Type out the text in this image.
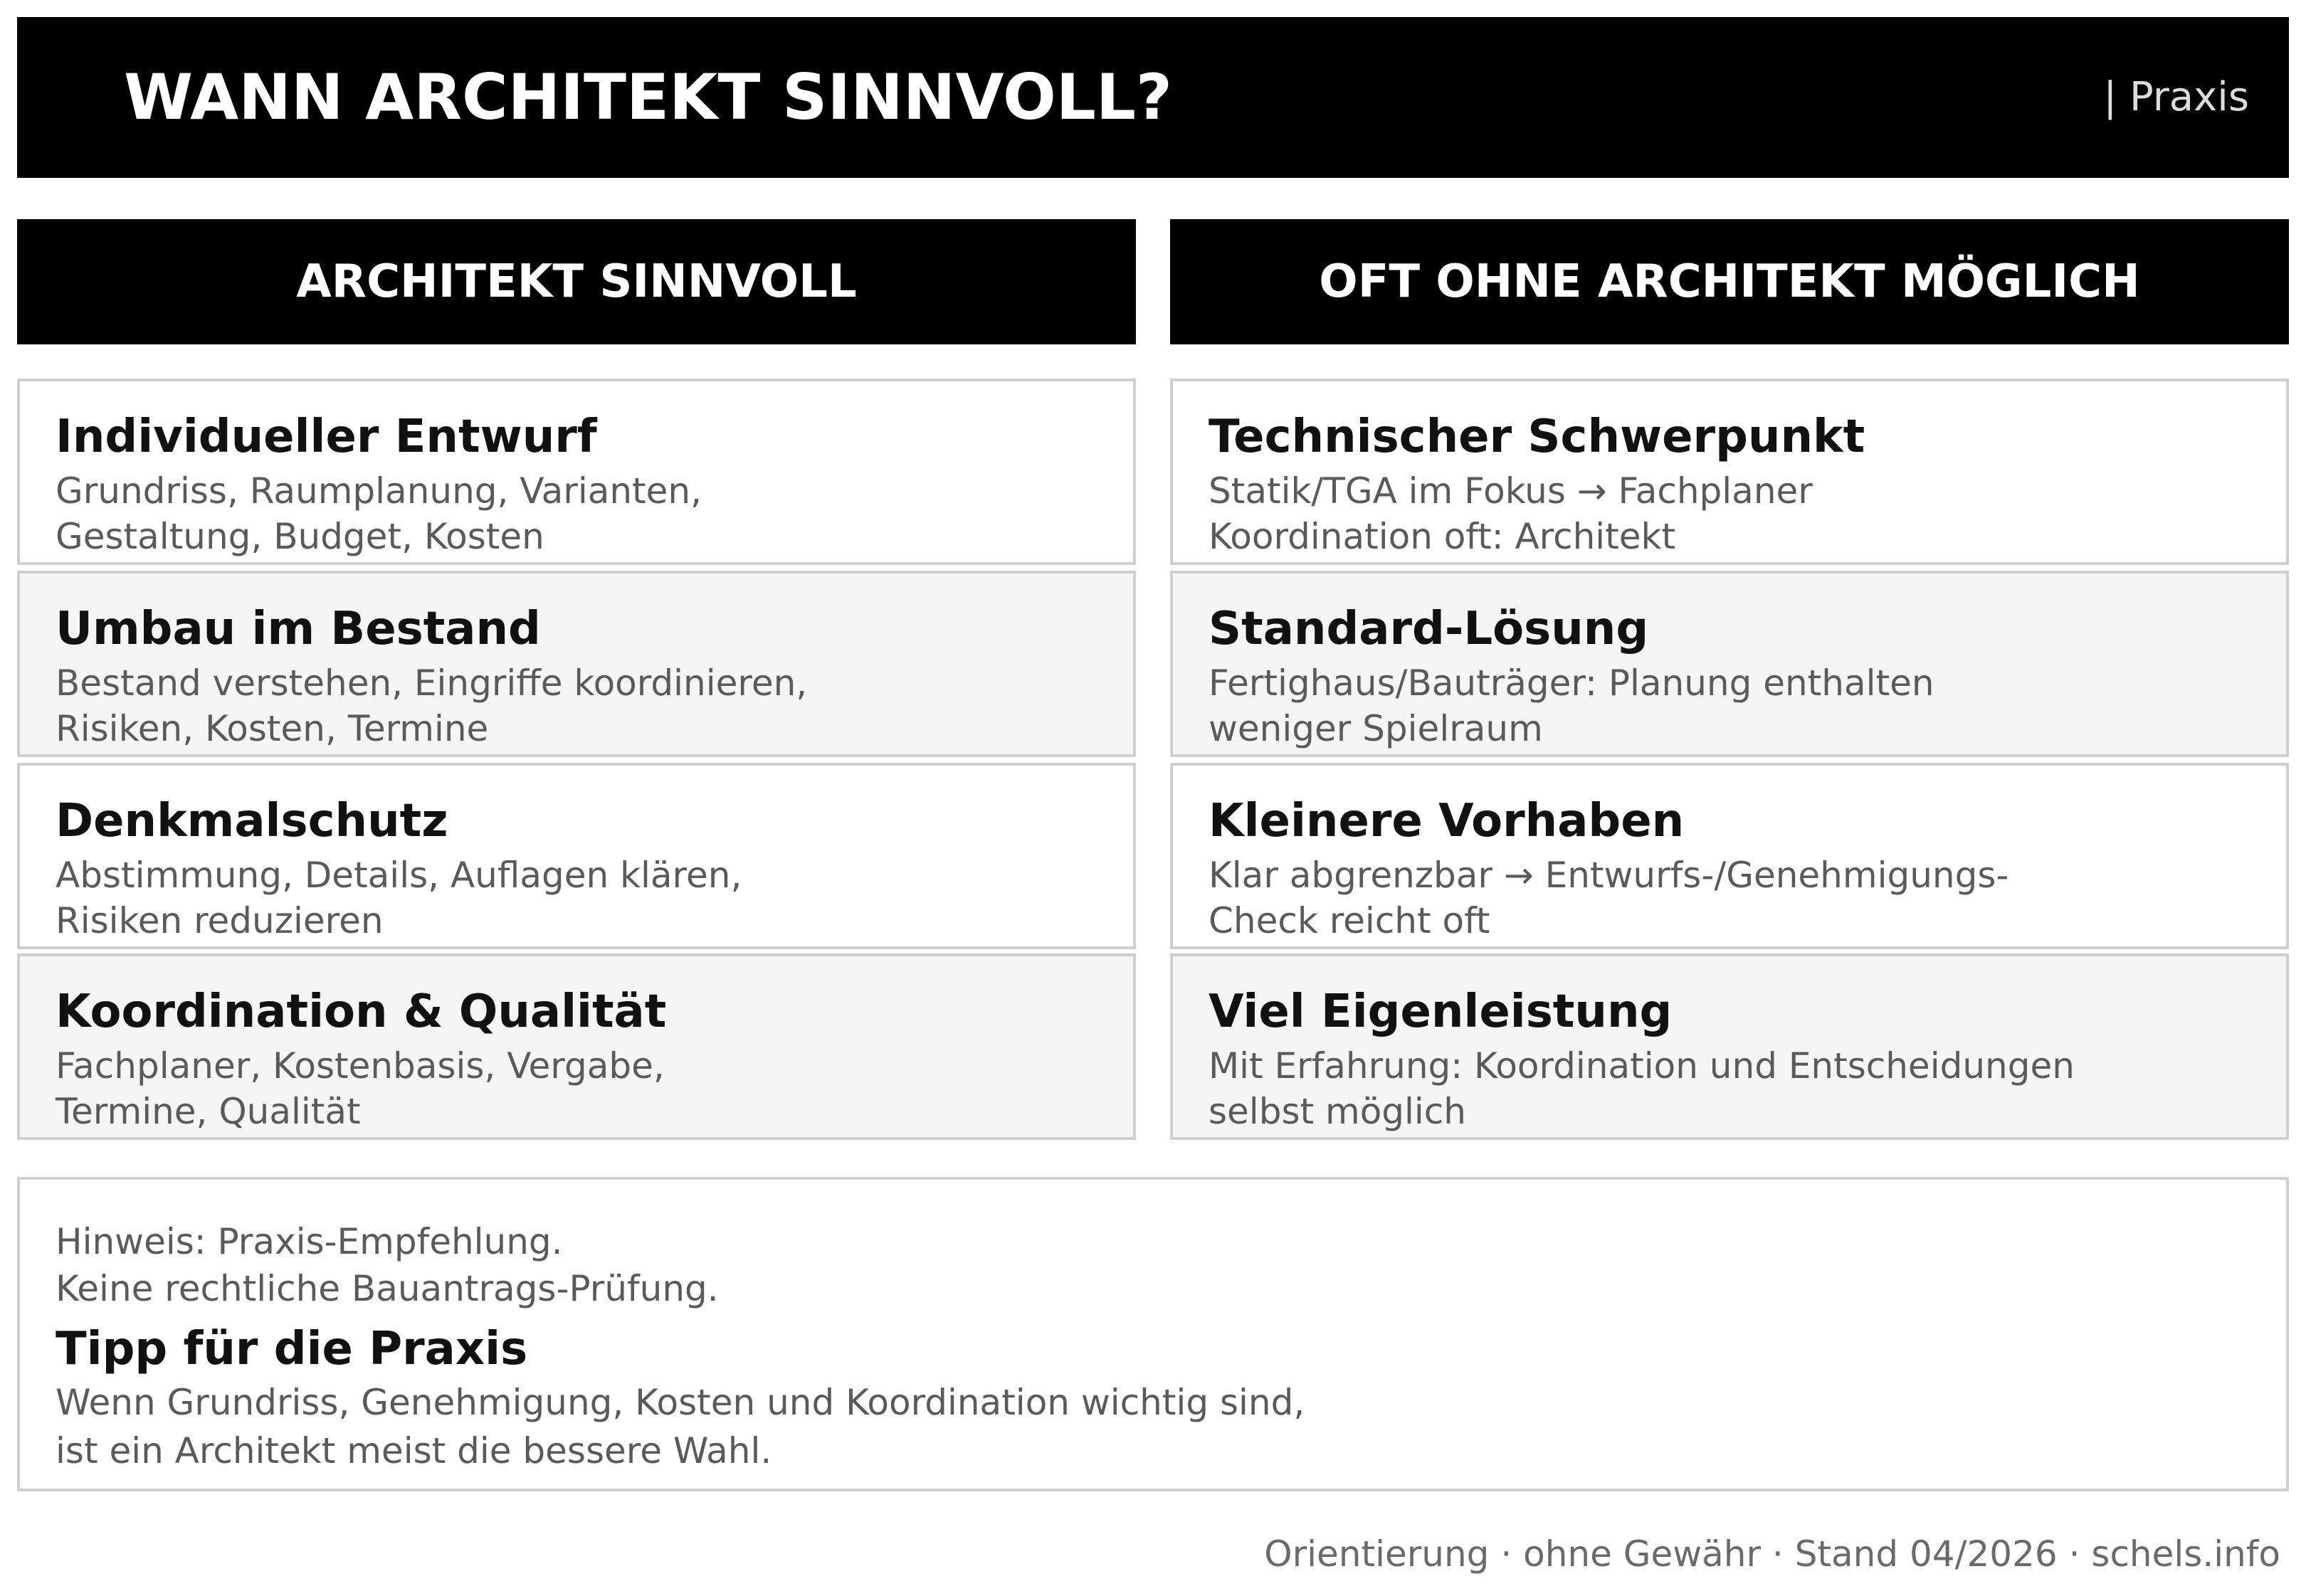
WANN ARCHITEKT SINNVOLL?	| Praxis
ARCHITEKT SINNVOLL	OFT OHNE ARCHITEKT MÖGLICH
Individueller Entwurf
Grundriss, Raumplanung, Varianten,
Gestaltung, Budget, Kosten
Umbau im Bestand
Bestand verstehen, Eingriffe koordinieren,
Risiken, Kosten, Termine
Denkmalschutz
Abstimmung, Details, Auflagen klären,
Risiken reduzieren
Koordination & Qualität
Fachplaner, Kostenbasis, Vergabe,
Termine, Qualität
Technischer Schwerpunkt
Statik/TGA im Fokus → Fachplaner
Koordination oft: Architekt
Standard-Lösung
Fertighaus/Bauträger: Planung enthalten
weniger Spielraum
Kleinere Vorhaben
Klar abgrenzbar → Entwurfs-/Genehmigungs-
Check reicht oft
Viel Eigenleistung
Mit Erfahrung: Koordination und Entscheidungen
selbst möglich
Hinweis: Praxis-Empfehlung.
Keine rechtliche Bauantrags-Prüfung.
Tipp für die Praxis
Wenn Grundriss, Genehmigung, Kosten und Koordination wichtig sind,
ist ein Architekt meist die bessere Wahl.
Orientierung · ohne Gewähr · Stand 04/2026 · schels.info
